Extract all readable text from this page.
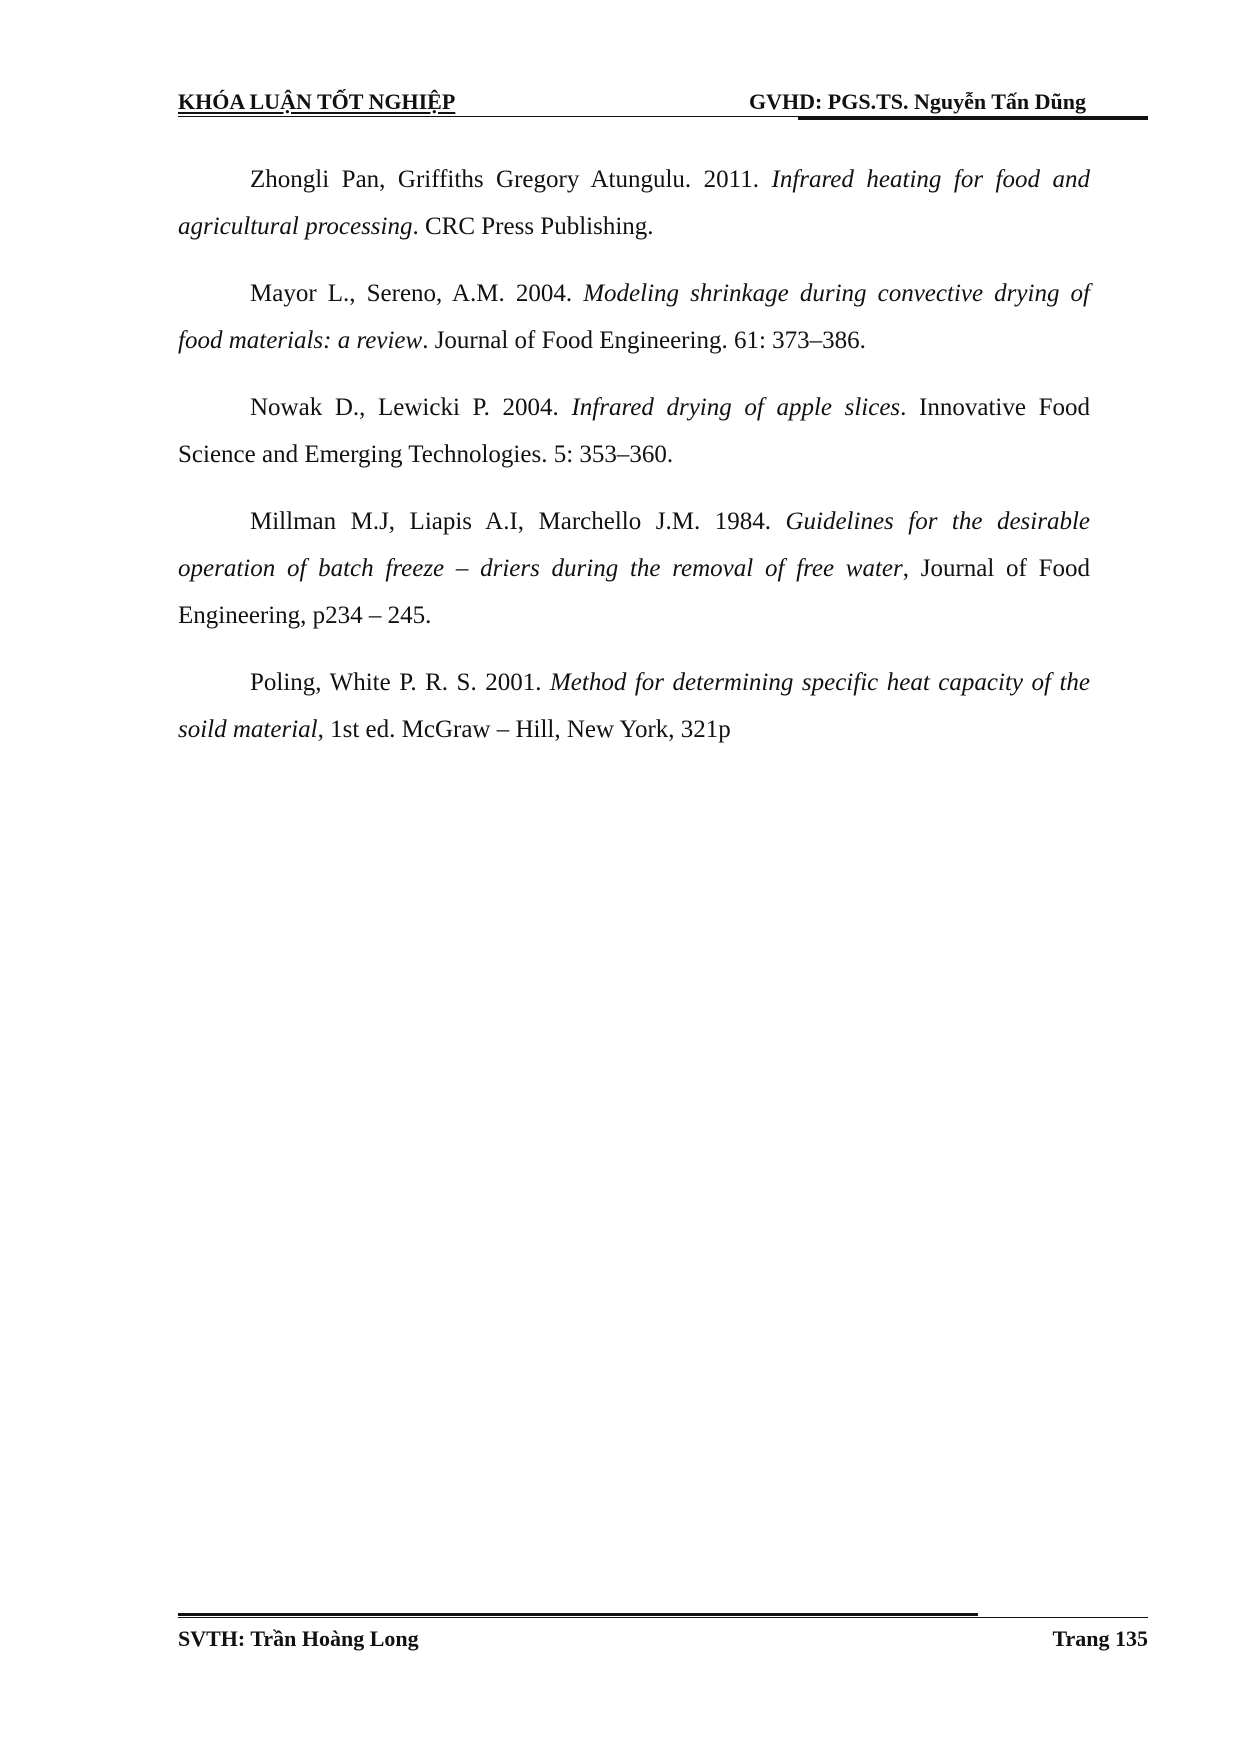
KHÓA LUẬN TỐT NGHIỆP	GVHD: PGS.TS. Nguyễn Tấn Dũng

Zhongli Pan, Griffiths Gregory Atungulu. 2011. Infrared heating for food and agricultural processing. CRC Press Publishing.

Mayor L., Sereno, A.M. 2004. Modeling shrinkage during convective drying of food materials: a review. Journal of Food Engineering. 61: 373–386.

Nowak D., Lewicki P. 2004. Infrared drying of apple slices. Innovative Food Science and Emerging Technologies. 5: 353–360.

Millman M.J, Liapis A.I, Marchello J.M. 1984. Guidelines for the desirable operation of batch freeze – driers during the removal of free water, Journal of Food Engineering, p234 – 245.

Poling, White P. R. S. 2001. Method for determining specific heat capacity of the soild material, 1st ed. McGraw – Hill, New York, 321p

SVTH: Trần Hoàng Long	Trang 135
